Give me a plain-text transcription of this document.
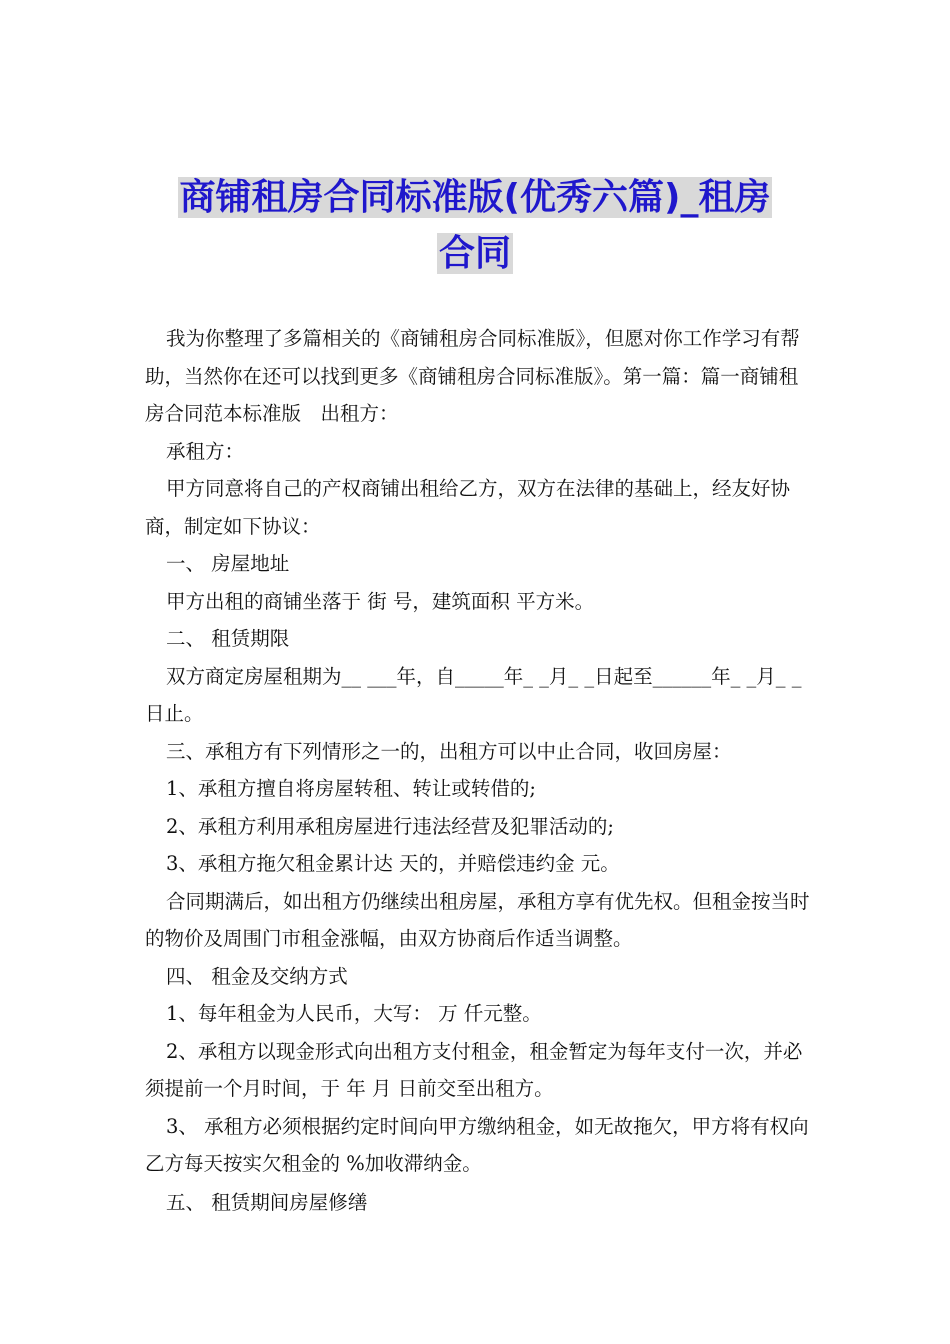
商铺租房合同标准版(优秀六篇)_租房
合同

我为你整理了多篇相关的《商铺租房合同标准版》，但愿对你工作学习有帮助，当然你在还可以找到更多《商铺租房合同标准版》。第一篇：篇一商铺租房合同范本标准版　出租方：

承租方：

甲方同意将自己的产权商铺出租给乙方，双方在法律的基础上，经友好协商，制定如下协议：

一、 房屋地址

甲方出租的商铺坐落于 街 号，建筑面积 平方米。

二、 租赁期限

双方商定房屋租期为__ ___年，自_____年_ _月_ _日起至______年_ _月_ _日止。

三、承租方有下列情形之一的，出租方可以中止合同，收回房屋：

1、承租方擅自将房屋转租、转让或转借的;

2、承租方利用承租房屋进行违法经营及犯罪活动的;

3、承租方拖欠租金累计达 天的，并赔偿违约金 元。

合同期满后，如出租方仍继续出租房屋，承租方享有优先权。但租金按当时的物价及周围门市租金涨幅，由双方协商后作适当调整。

四、 租金及交纳方式

1、每年租金为人民币，大写： 万 仟元整。

2、承租方以现金形式向出租方支付租金，租金暂定为每年支付一次，并必须提前一个月时间，于 年 月 日前交至出租方。

3、 承租方必须根据约定时间向甲方缴纳租金，如无故拖欠，甲方将有权向乙方每天按实欠租金的 %加收滞纳金。

五、 租赁期间房屋修缮
